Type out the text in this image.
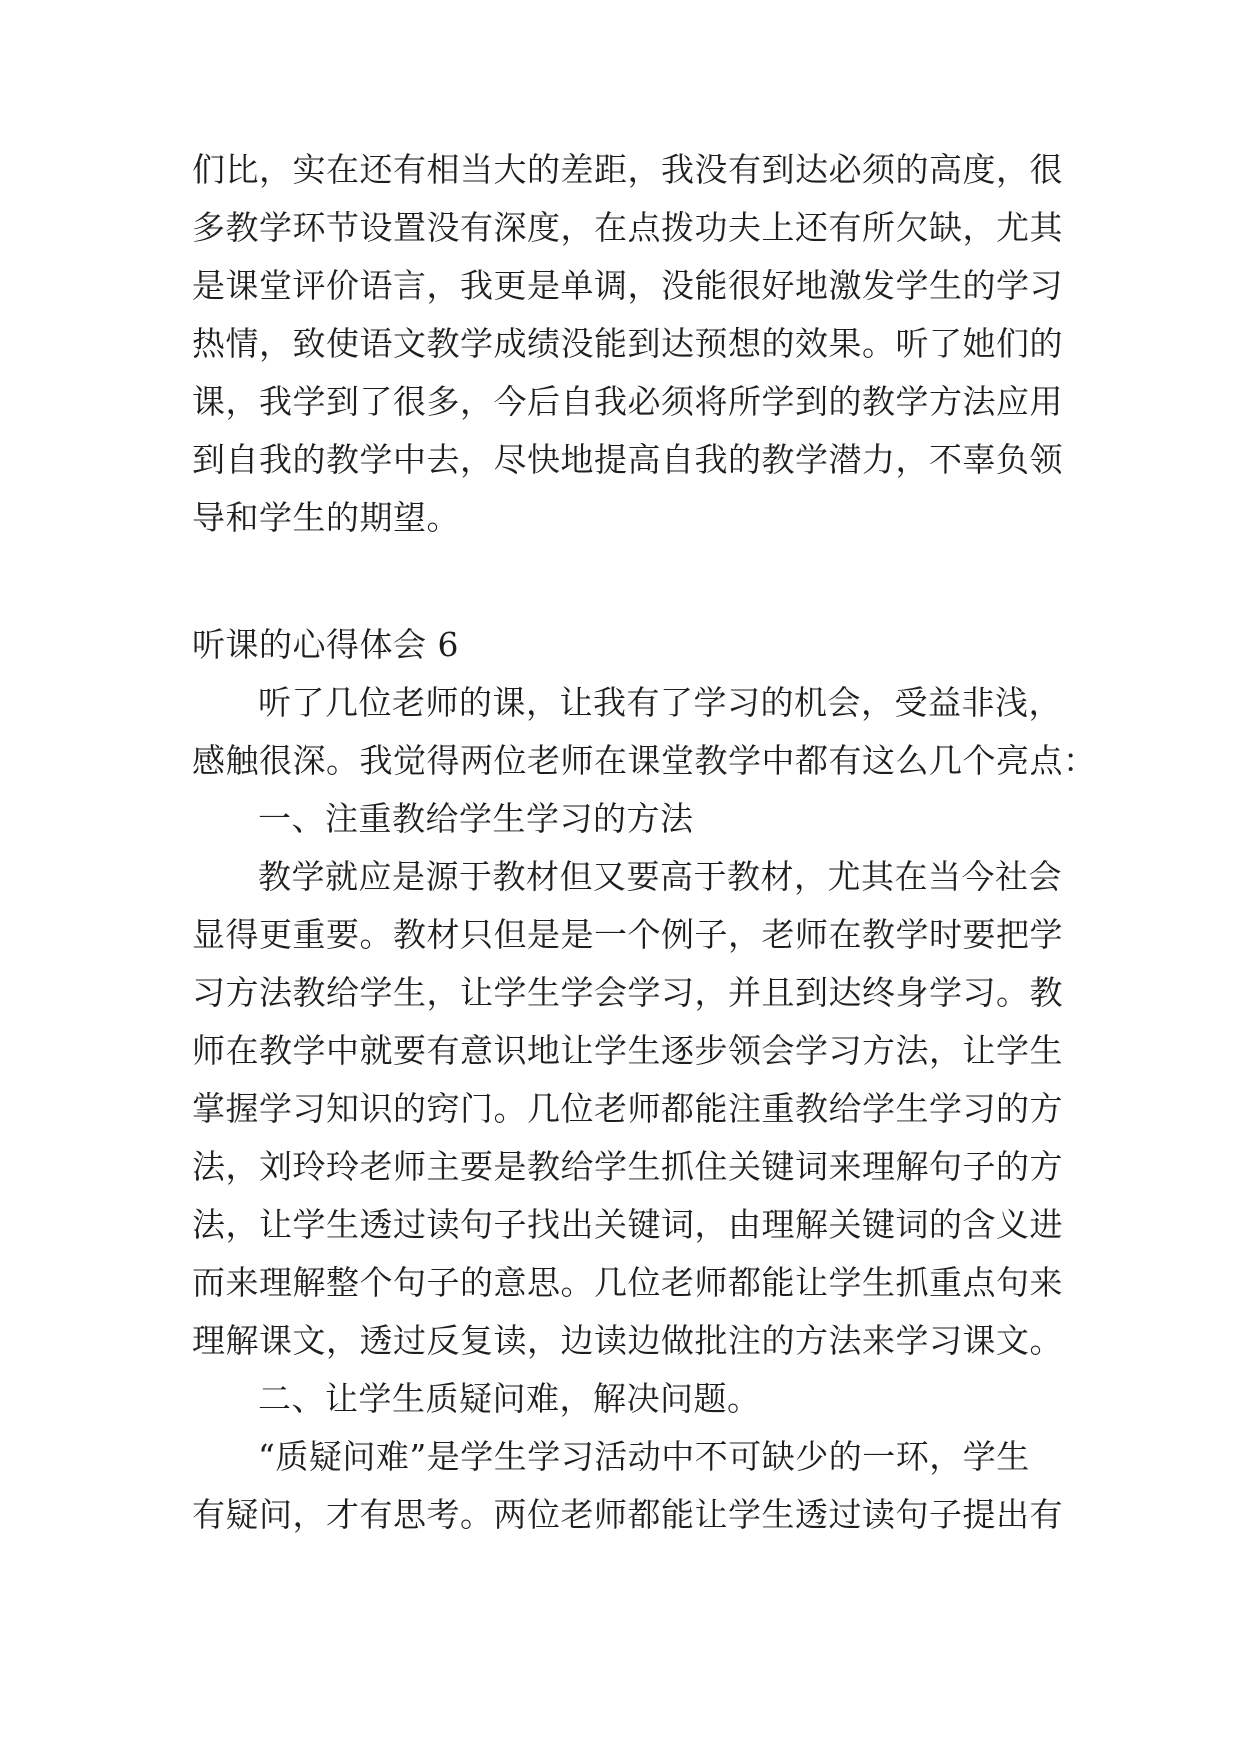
们比，实在还有相当大的差距，我没有到达必须的高度，很
多教学环节设置没有深度，在点拨功夫上还有所欠缺，尤其
是课堂评价语言，我更是单调，没能很好地激发学生的学习
热情，致使语文教学成绩没能到达预想的效果。听了她们的
课，我学到了很多，今后自我必须将所学到的教学方法应用
到自我的教学中去，尽快地提高自我的教学潜力，不辜负领
导和学生的期望。
听课的心得体会 6
听了几位老师的课，让我有了学习的机会，受益非浅，
感触很深。我觉得两位老师在课堂教学中都有这么几个亮点：
一、注重教给学生学习的方法
教学就应是源于教材但又要高于教材，尤其在当今社会
显得更重要。教材只但是是一个例子，老师在教学时要把学
习方法教给学生，让学生学会学习，并且到达终身学习。教
师在教学中就要有意识地让学生逐步领会学习方法，让学生
掌握学习知识的窍门。几位老师都能注重教给学生学习的方
法，刘玲玲老师主要是教给学生抓住关键词来理解句子的方
法，让学生透过读句子找出关键词，由理解关键词的含义进
而来理解整个句子的意思。几位老师都能让学生抓重点句来
理解课文，透过反复读，边读边做批注的方法来学习课文。
二、让学生质疑问难，解决问题。
“质疑问难”是学生学习活动中不可缺少的一环，学生
有疑问，才有思考。两位老师都能让学生透过读句子提出有
